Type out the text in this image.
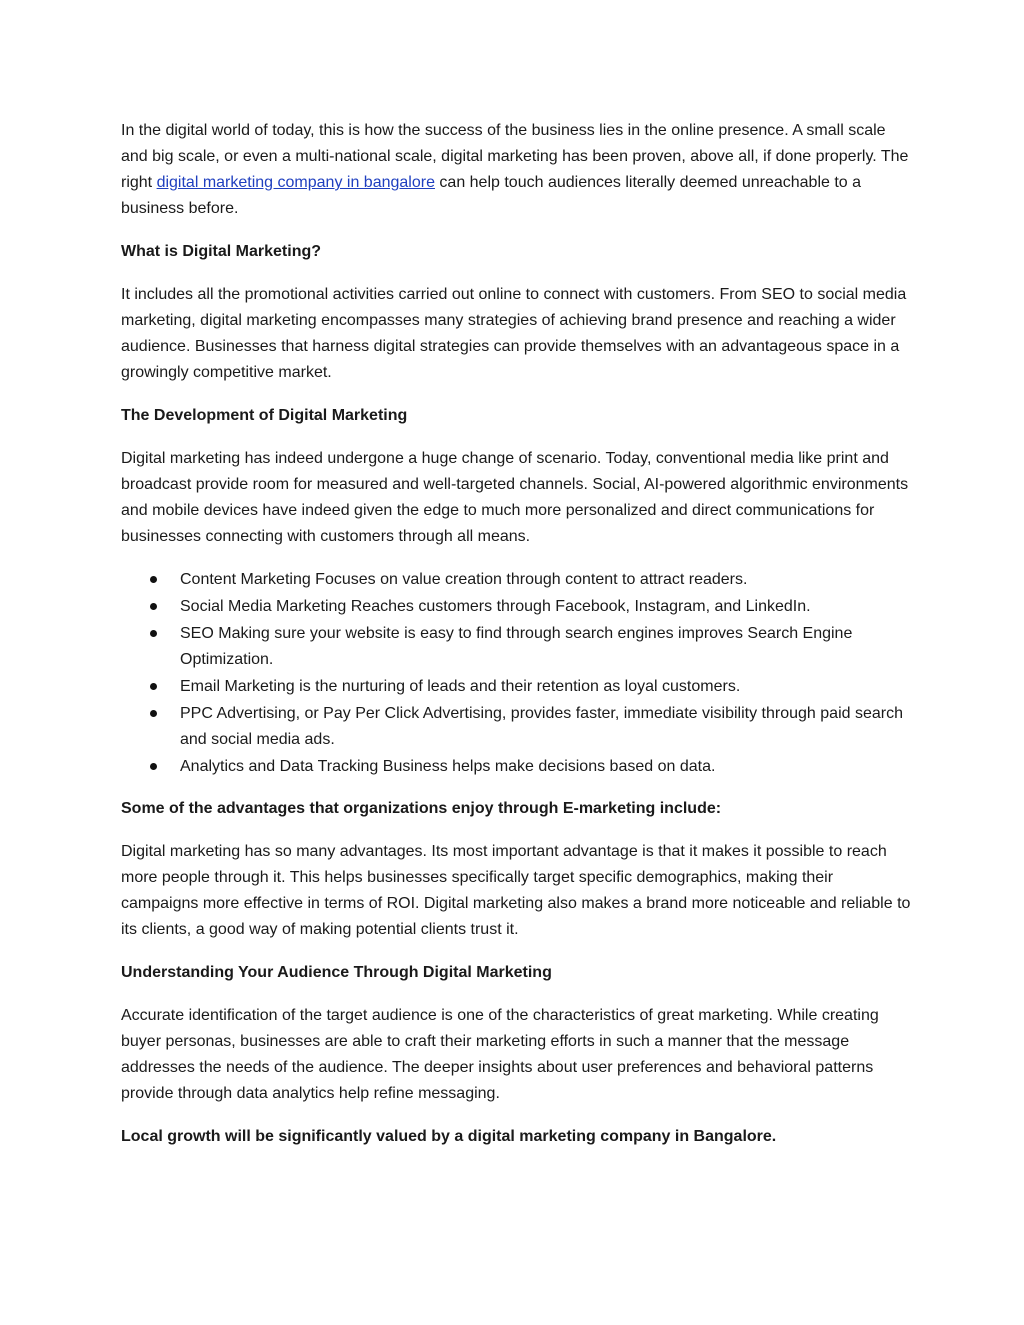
In the digital world of today, this is how the success of the business lies in the online presence. A small scale and big scale, or even a multi-national scale, digital marketing has been proven, above all, if done properly. The right digital marketing company in bangalore can help touch audiences literally deemed unreachable to a business before.

What is Digital Marketing?

It includes all the promotional activities carried out online to connect with customers. From SEO to social media marketing, digital marketing encompasses many strategies of achieving brand presence and reaching a wider audience. Businesses that harness digital strategies can provide themselves with an advantageous space in a growingly competitive market.

The Development of Digital Marketing

Digital marketing has indeed undergone a huge change of scenario. Today, conventional media like print and broadcast provide room for measured and well-targeted channels. Social, AI-powered algorithmic environments and mobile devices have indeed given the edge to much more personalized and direct communications for businesses connecting with customers through all means.

Content Marketing Focuses on value creation through content to attract readers.
Social Media Marketing Reaches customers through Facebook, Instagram, and LinkedIn.
SEO Making sure your website is easy to find through search engines improves Search Engine Optimization.
Email Marketing is the nurturing of leads and their retention as loyal customers.
PPC Advertising, or Pay Per Click Advertising, provides faster, immediate visibility through paid search and social media ads.
Analytics and Data Tracking Business helps make decisions based on data.
Some of the advantages that organizations enjoy through E-marketing include:

Digital marketing has so many advantages. Its most important advantage is that it makes it possible to reach more people through it. This helps businesses specifically target specific demographics, making their campaigns more effective in terms of ROI. Digital marketing also makes a brand more noticeable and reliable to its clients, a good way of making potential clients trust it.

Understanding Your Audience Through Digital Marketing

Accurate identification of the target audience is one of the characteristics of great marketing. While creating buyer personas, businesses are able to craft their marketing efforts in such a manner that the message addresses the needs of the audience. The deeper insights about user preferences and behavioral patterns provide through data analytics help refine messaging.

Local growth will be significantly valued by a digital marketing company in Bangalore.
